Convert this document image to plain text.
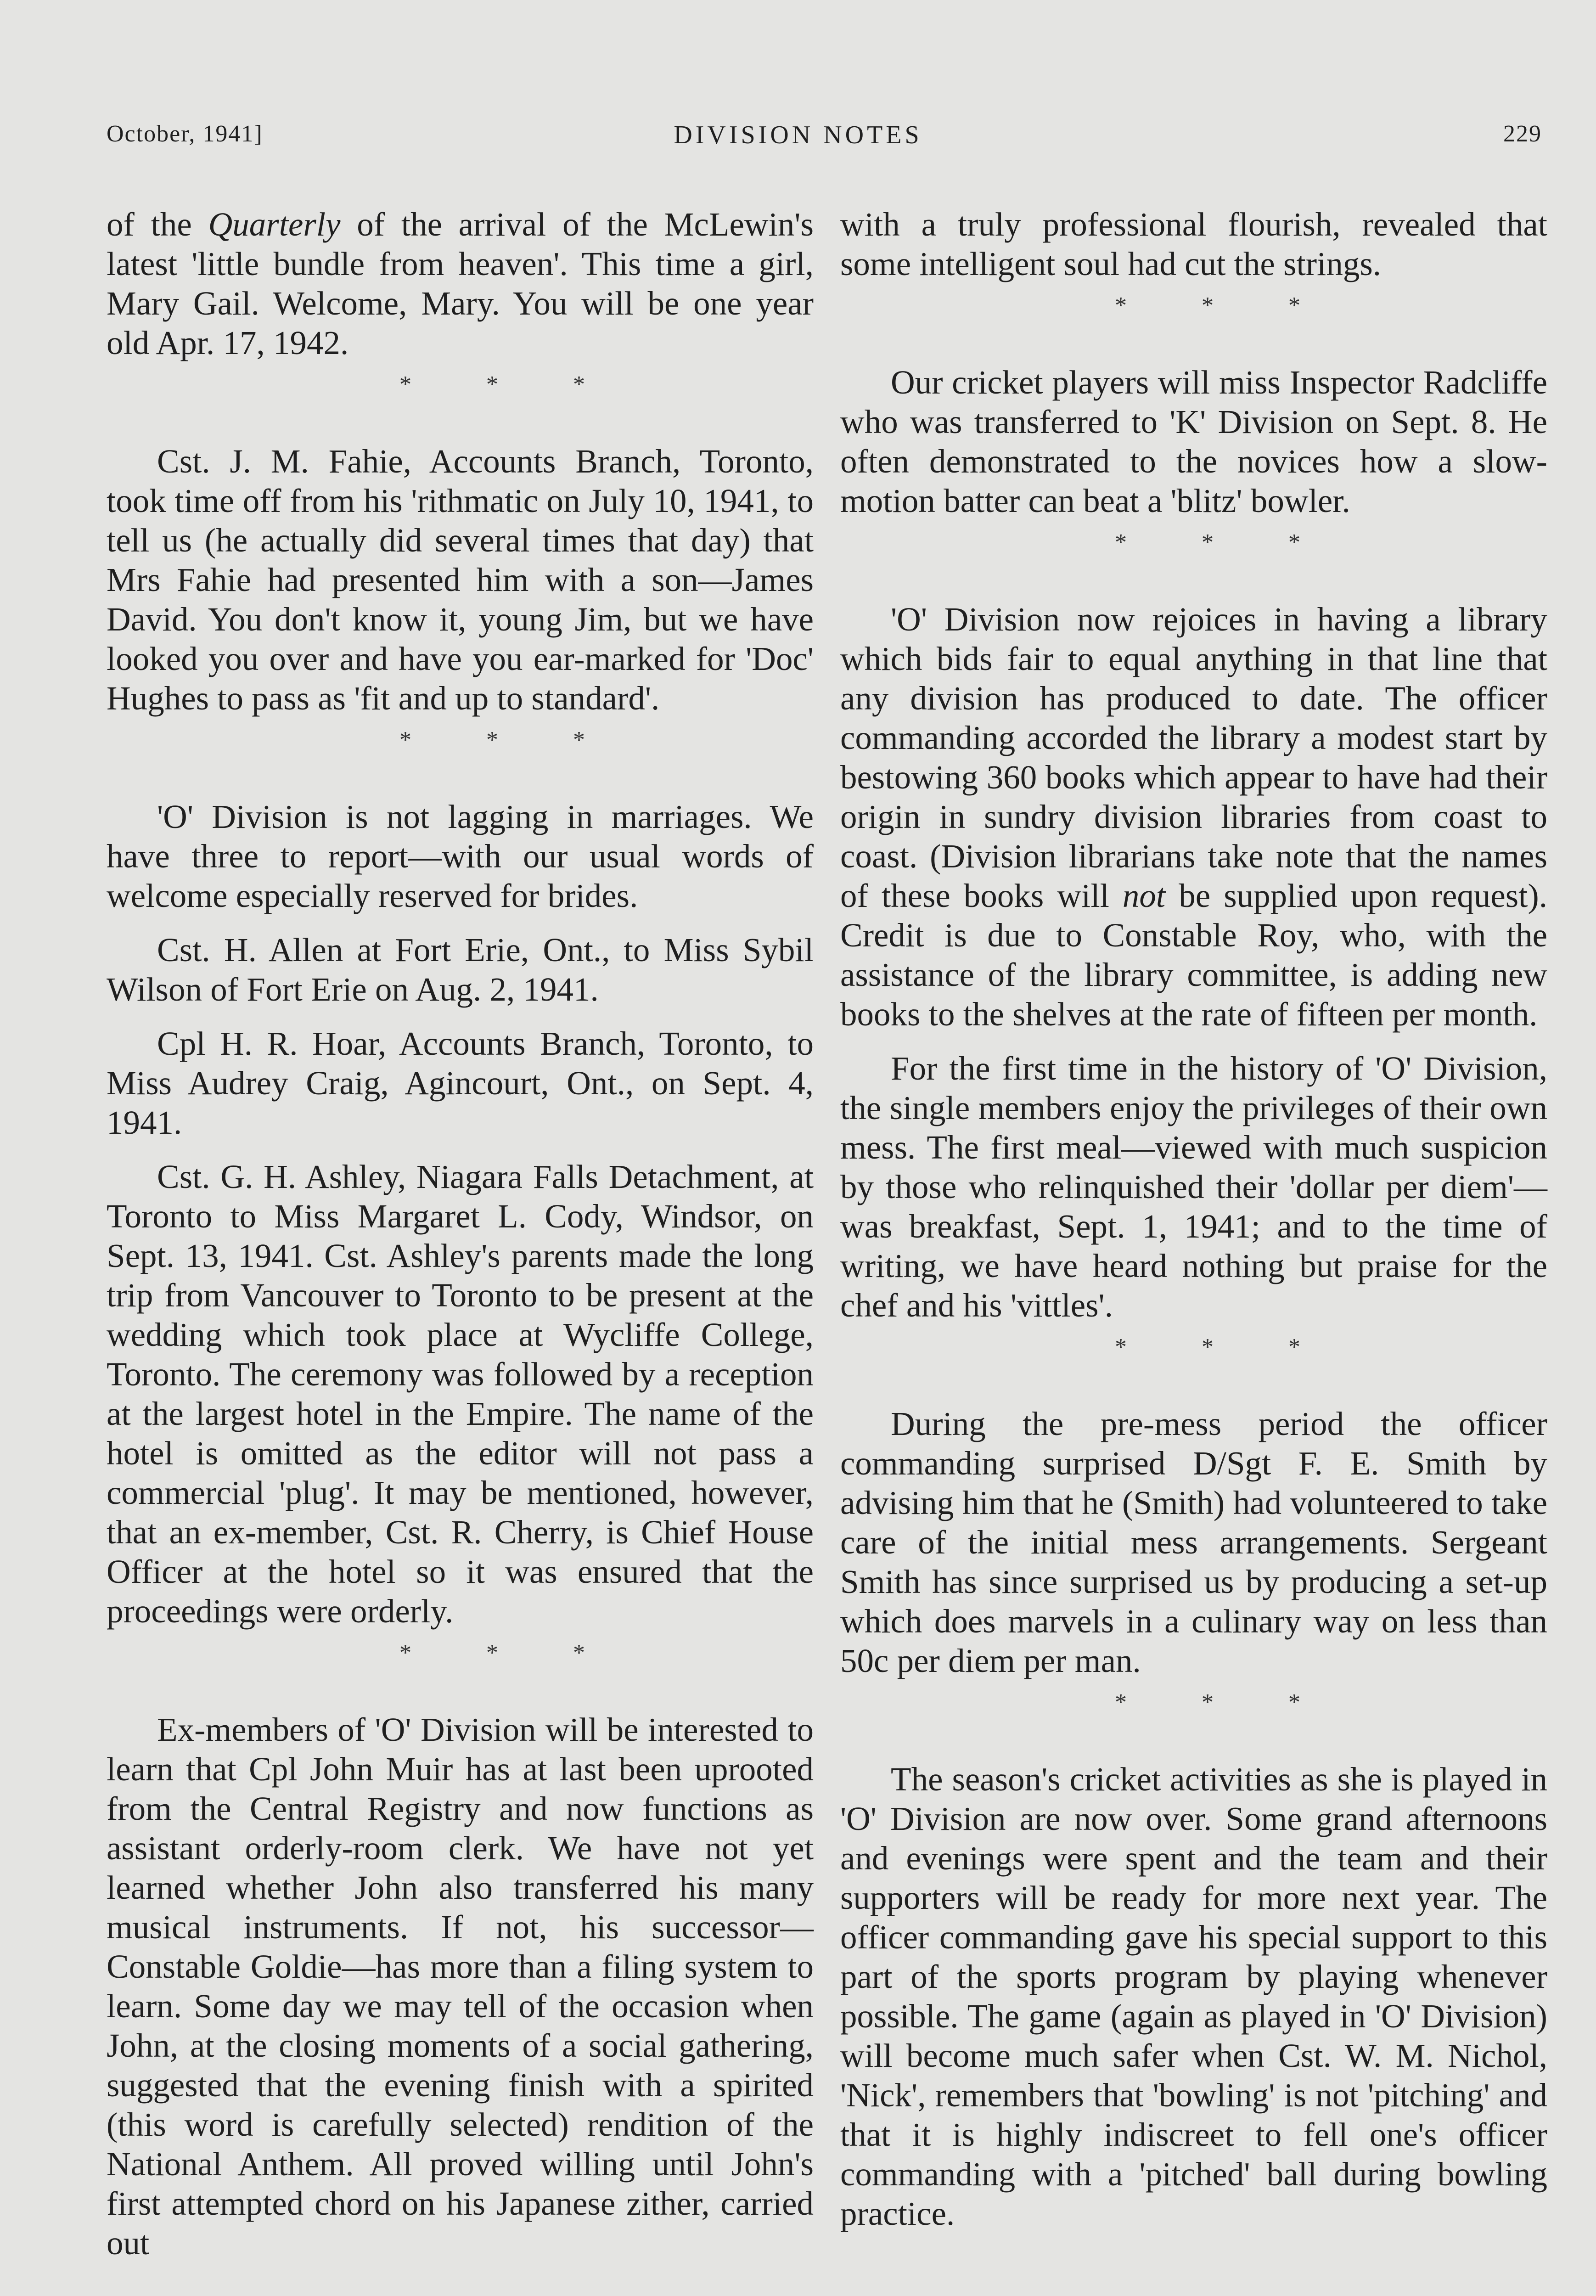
October, 1941]	DIVISION NOTES	229

of the Quarterly of the arrival of the McLewin's latest 'little bundle from heaven'. This time a girl, Mary Gail. Welcome, Mary. You will be one year old Apr. 17, 1942.

* * *

Cst. J. M. Fahie, Accounts Branch, Toronto, took time off from his 'rithmatic on July 10, 1941, to tell us (he actually did several times that day) that Mrs Fahie had presented him with a son—James David. You don't know it, young Jim, but we have looked you over and have you ear-marked for 'Doc' Hughes to pass as 'fit and up to standard'.

* * *

'O' Division is not lagging in marriages. We have three to report—with our usual words of welcome especially reserved for brides.

Cst. H. Allen at Fort Erie, Ont., to Miss Sybil Wilson of Fort Erie on Aug. 2, 1941.

Cpl H. R. Hoar, Accounts Branch, Toronto, to Miss Audrey Craig, Agincourt, Ont., on Sept. 4, 1941.

Cst. G. H. Ashley, Niagara Falls Detachment, at Toronto to Miss Margaret L. Cody, Windsor, on Sept. 13, 1941. Cst. Ashley's parents made the long trip from Vancouver to Toronto to be present at the wedding which took place at Wycliffe College, Toronto. The ceremony was followed by a reception at the largest hotel in the Empire. The name of the hotel is omitted as the editor will not pass a commercial 'plug'. It may be mentioned, however, that an ex-member, Cst. R. Cherry, is Chief House Officer at the hotel so it was ensured that the proceedings were orderly.

* * *

Ex-members of 'O' Division will be interested to learn that Cpl John Muir has at last been uprooted from the Central Registry and now functions as assistant orderly-room clerk. We have not yet learned whether John also transferred his many musical instruments. If not, his successor—Constable Goldie—has more than a filing system to learn. Some day we may tell of the occasion when John, at the closing moments of a social gathering, suggested that the evening finish with a spirited (this word is carefully selected) rendition of the National Anthem. All proved willing until John's first attempted chord on his Japanese zither, carried out

with a truly professional flourish, revealed that some intelligent soul had cut the strings.

* * *

Our cricket players will miss Inspector Radcliffe who was transferred to 'K' Division on Sept. 8. He often demonstrated to the novices how a slow-motion batter can beat a 'blitz' bowler.

* * *

'O' Division now rejoices in having a library which bids fair to equal anything in that line that any division has produced to date. The officer commanding accorded the library a modest start by bestowing 360 books which appear to have had their origin in sundry division libraries from coast to coast. (Division librarians take note that the names of these books will not be supplied upon request). Credit is due to Constable Roy, who, with the assistance of the library committee, is adding new books to the shelves at the rate of fifteen per month.

For the first time in the history of 'O' Division, the single members enjoy the privileges of their own mess. The first meal—viewed with much suspicion by those who relinquished their 'dollar per diem'—was breakfast, Sept. 1, 1941; and to the time of writing, we have heard nothing but praise for the chef and his 'vittles'.

* * *

During the pre-mess period the officer commanding surprised D/Sgt F. E. Smith by advising him that he (Smith) had volunteered to take care of the initial mess arrangements. Sergeant Smith has since surprised us by producing a set-up which does marvels in a culinary way on less than 50c per diem per man.

* * *

The season's cricket activities as she is played in 'O' Division are now over. Some grand afternoons and evenings were spent and the team and their supporters will be ready for more next year. The officer commanding gave his special support to this part of the sports program by playing whenever possible. The game (again as played in 'O' Division) will become much safer when Cst. W. M. Nichol, 'Nick', remembers that 'bowling' is not 'pitching' and that it is highly indiscreet to fell one's officer commanding with a 'pitched' ball during bowling practice.
